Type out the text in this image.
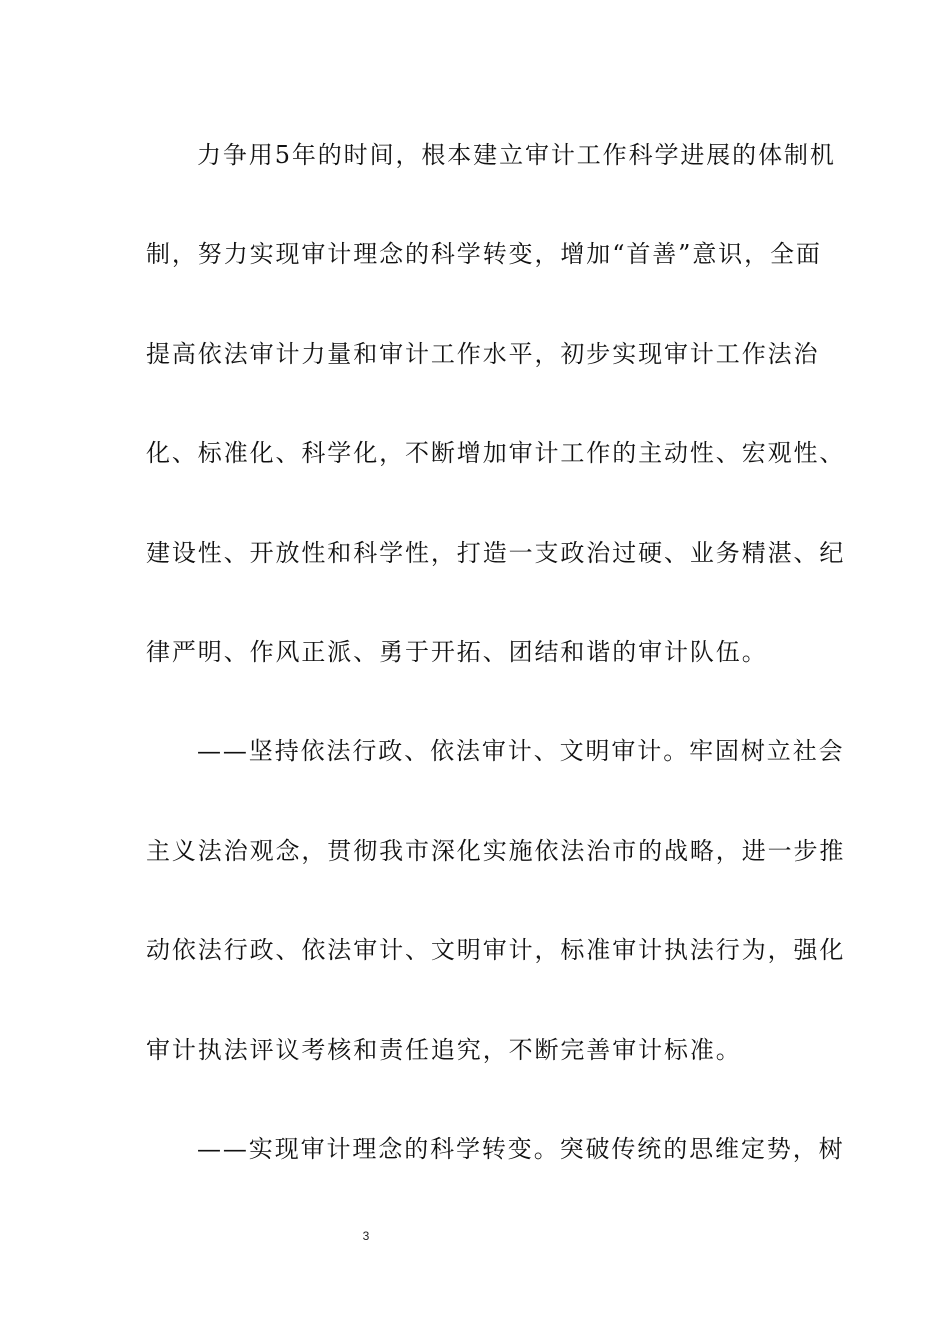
力争用5年的时间，根本建立审计工作科学进展的体制机
制，努力实现审计理念的科学转变，增加“首善”意识，全面
提高依法审计力量和审计工作水平，初步实现审计工作法治
化、标准化、科学化，不断增加审计工作的主动性、宏观性、
建设性、开放性和科学性，打造一支政治过硬、业务精湛、纪
律严明、作风正派、勇于开拓、团结和谐的审计队伍。
——坚持依法行政、依法审计、文明审计。牢固树立社会
主义法治观念，贯彻我市深化实施依法治市的战略，进一步推
动依法行政、依法审计、文明审计，标准审计执法行为，强化
审计执法评议考核和责任追究，不断完善审计标准。
——实现审计理念的科学转变。突破传统的思维定势，树
3
